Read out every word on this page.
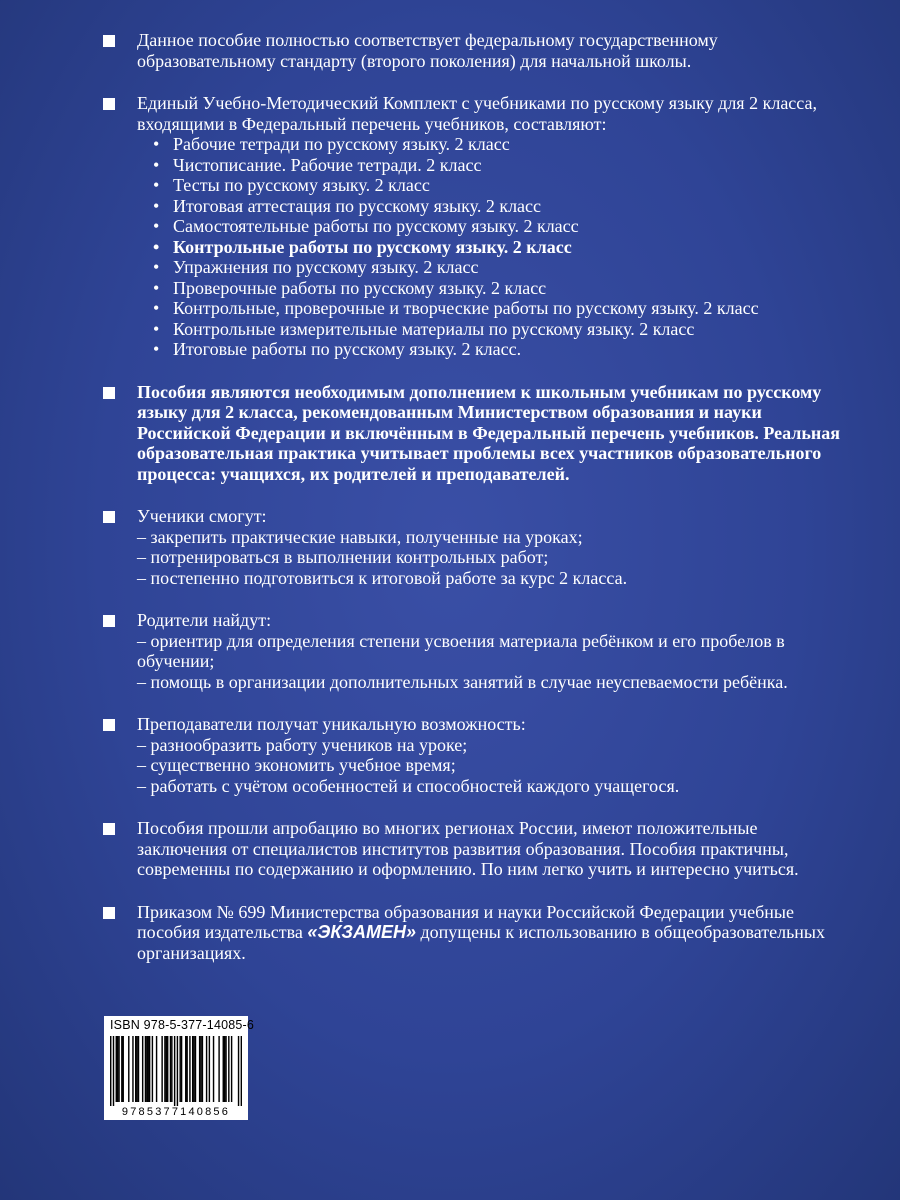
Данное пособие полностью соответствует федеральному государственному образовательному стандарту (второго поколения) для начальной школы.
Единый Учебно-Методический Комплект с учебниками по русскому языку для 2 класса, входящими в Федеральный перечень учебников, составляют:
• Рабочие тетради по русскому языку. 2 класс
• Чистописание. Рабочие тетради. 2 класс
• Тесты по русскому языку. 2 класс
• Итоговая аттестация по русскому языку. 2 класс
• Самостоятельные работы по русскому языку. 2 класс
• Контрольные работы по русскому языку. 2 класс
• Упражнения по русскому языку. 2 класс
• Проверочные работы по русскому языку. 2 класс
• Контрольные, проверочные и творческие работы по русскому языку. 2 класс
• Контрольные измерительные материалы по русскому языку. 2 класс
• Итоговые работы по русскому языку. 2 класс.
Пособия являются необходимым дополнением к школьным учебникам по русскому языку для 2 класса, рекомендованным Министерством образования и науки Российской Федерации и включённым в Федеральный перечень учебников. Реальная образовательная практика учитывает проблемы всех участников образовательного процесса: учащихся, их родителей и преподавателей.
Ученики смогут:
– закрепить практические навыки, полученные на уроках;
– потренироваться в выполнении контрольных работ;
– постепенно подготовиться к итоговой работе за курс 2 класса.
Родители найдут:
– ориентир для определения степени усвоения материала ребёнком и его пробелов в обучении;
– помощь в организации дополнительных занятий в случае неуспеваемости ребёнка.
Преподаватели получат уникальную возможность:
– разнообразить работу учеников на уроке;
– существенно экономить учебное время;
– работать с учётом особенностей и способностей каждого учащегося.
Пособия прошли апробацию во многих регионах России, имеют положительные заключения от специалистов институтов развития образования. Пособия практичны, современны по содержанию и оформлению. По ним легко учить и интересно учиться.
Приказом № 699 Министерства образования и науки Российской Федерации учебные пособия издательства «ЭКЗАМЕН» допущены к использованию в общеобразовательных организациях.
ISBN 978-5-377-14085-6
9785377140856
